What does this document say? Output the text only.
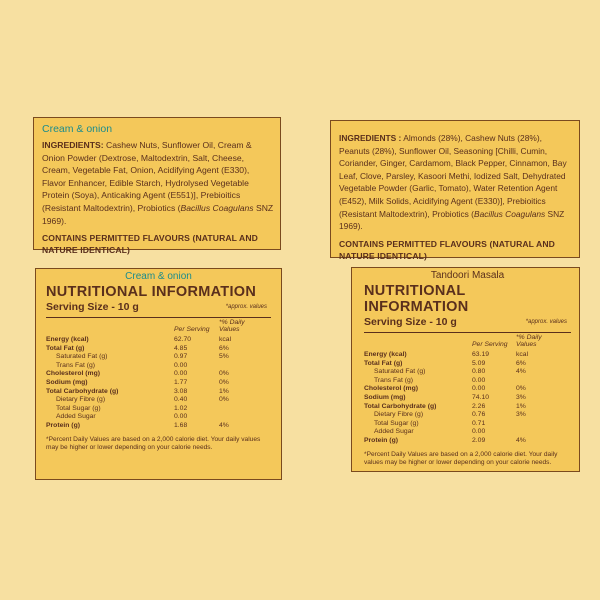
Cream & onion
INGREDIENTS: Cashew Nuts, Sunflower Oil, Cream & Onion Powder (Dextrose, Maltodextrin, Salt, Cheese, Cream, Vegetable Fat, Onion, Acidifying Agent (E330), Flavor Enhancer, Edible Starch, Hydrolysed Vegetable Protein (Soya), Anticaking Agent (E551)], Prebioitics (Resistant Maltodextrin), Probiotics (Bacillus Coagulans SNZ 1969).
CONTAINS PERMITTED FLAVOURS (NATURAL AND NATURE IDENTICAL)
INGREDIENTS : Almonds (28%), Cashew Nuts (28%), Peanuts (28%), Sunflower Oil, Seasoning [Chilli, Cumin, Coriander, Ginger, Cardamom, Black Pepper, Cinnamon, Bay Leaf, Clove, Parsley, Kasoori Methi, Iodized Salt, Dehydrated Vegetable Powder (Garlic, Tomato), Water Retention Agent (E452), Milk Solids, Acidifying Agent (E330)], Prebioitics (Resistant Maltodextrin), Probiotics (Bacillus Coagulans SNZ 1969).
CONTAINS PERMITTED FLAVOURS (NATURAL AND NATURE IDENTICAL)
Cream & onion
NUTRITIONAL INFORMATION
Serving Size - 10 g	*approx. values
	Per Serving	*% Daily Values
Energy (kcal)	62.70	kcal
Total Fat (g)	4.85	6%
Saturated Fat (g)	0.97	5%
Trans Fat (g)	0.00	
Cholesterol (mg)	0.00	0%
Sodium (mg)	1.77	0%
Total Carbohydrate (g)	3.08	1%
Dietary Fibre (g)	0.40	0%
Total Sugar (g)	1.02	
Added Sugar	0.00	
Protein (g)	1.68	4%
*Percent Daily Values are based on a 2,000 calorie diet. Your daily values may be higher or lower depending on your calorie needs.
Tandoori Masala
NUTRITIONAL INFORMATION
Serving Size - 10 g	*approx. values
	Per Serving	*% Daily Values
Energy (kcal)	63.19	kcal
Total Fat (g)	5.09	6%
Saturated Fat (g)	0.80	4%
Trans Fat (g)	0.00	
Cholesterol (mg)	0.00	0%
Sodium (mg)	74.10	3%
Total Carbohydrate (g)	2.26	1%
Dietary Fibre (g)	0.76	3%
Total Sugar (g)	0.71	
Added Sugar	0.00	
Protein (g)	2.09	4%
*Percent Daily Values are based on a 2,000 calorie diet. Your daily values may be higher or lower depending on your calorie needs.
